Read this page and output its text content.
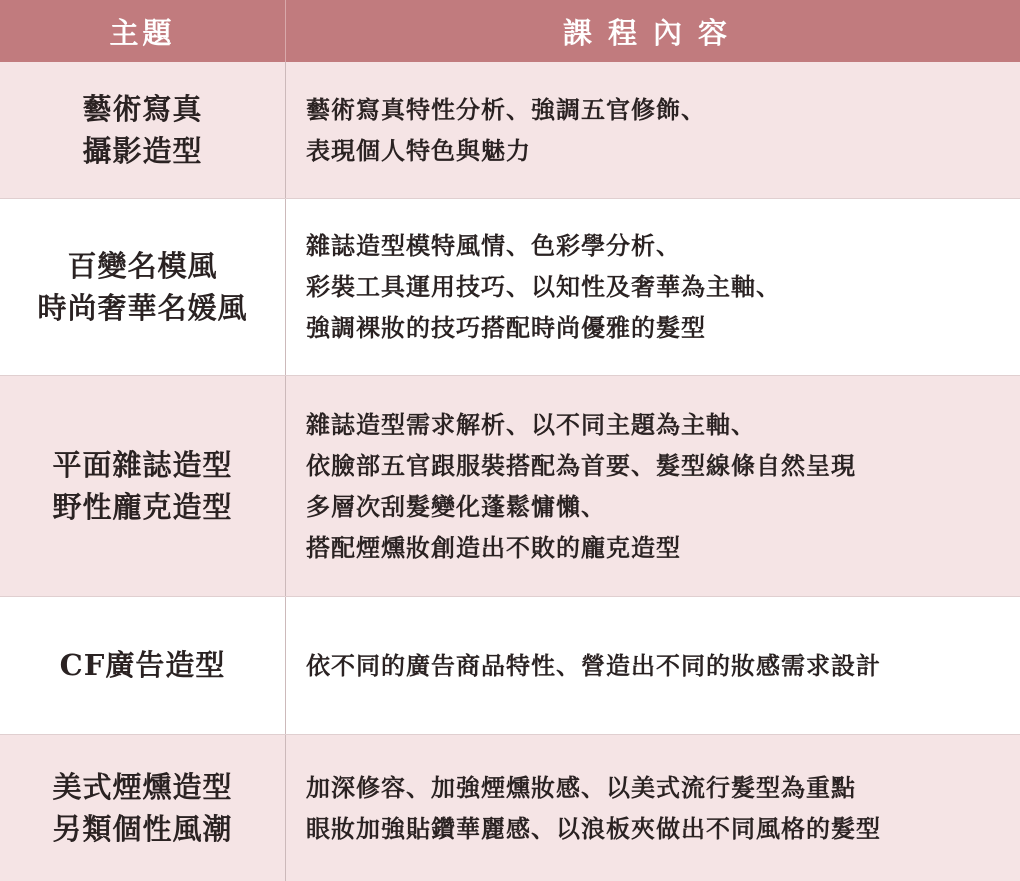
主題	課程內容
藝術寫真
攝影造型
藝術寫真特性分析、強調五官修飾、
表現個人特色與魅力
百變名模風
時尚奢華名媛風
雜誌造型模特風情、色彩學分析、
彩裝工具運用技巧、以知性及奢華為主軸、
強調裸妝的技巧搭配時尚優雅的髮型
平面雜誌造型
野性龐克造型
雜誌造型需求解析、以不同主題為主軸、
依臉部五官跟服裝搭配為首要、髮型線條自然呈現
多層次刮髮變化蓬鬆慵懶、
搭配煙燻妝創造出不敗的龐克造型
CF廣告造型	依不同的廣告商品特性、營造出不同的妝感需求設計
美式煙燻造型
另類個性風潮
加深修容、加強煙燻妝感、以美式流行髮型為重點
眼妝加強貼鑽華麗感、以浪板夾做出不同風格的髮型
